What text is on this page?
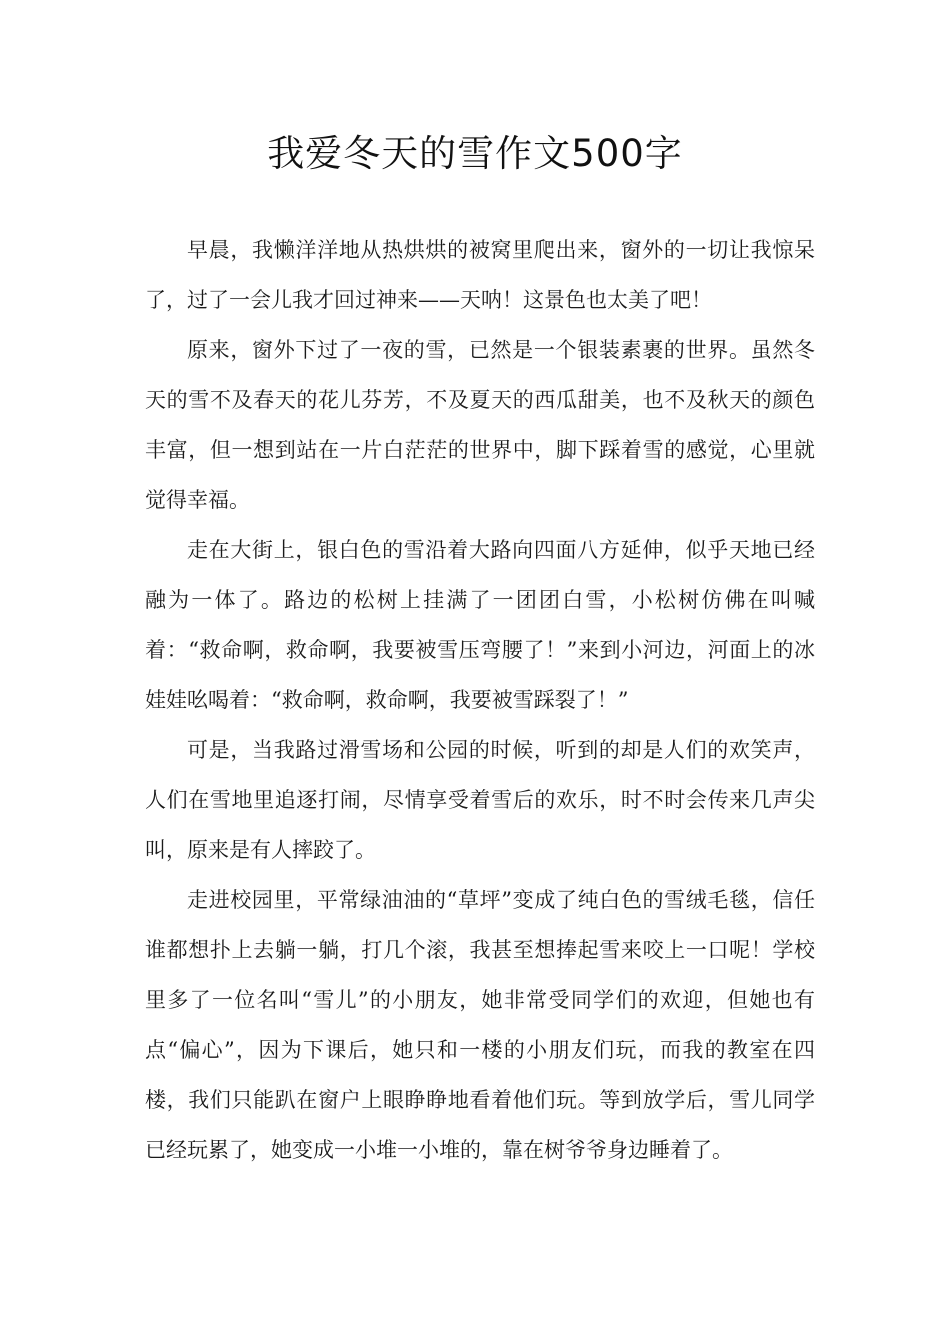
我爱冬天的雪作文500字

早晨，我懒洋洋地从热烘烘的被窝里爬出来，窗外的一切让我惊呆了，过了一会儿我才回过神来——天呐！这景色也太美了吧！

原来，窗外下过了一夜的雪，已然是一个银装素裹的世界。虽然冬天的雪不及春天的花儿芬芳，不及夏天的西瓜甜美，也不及秋天的颜色丰富，但一想到站在一片白茫茫的世界中，脚下踩着雪的感觉，心里就觉得幸福。

走在大街上，银白色的雪沿着大路向四面八方延伸，似乎天地已经融为一体了。路边的松树上挂满了一团团白雪，小松树仿佛在叫喊着：“救命啊，救命啊，我要被雪压弯腰了！”来到小河边，河面上的冰娃娃吆喝着：“救命啊，救命啊，我要被雪踩裂了！”

可是，当我路过滑雪场和公园的时候，听到的却是人们的欢笑声，人们在雪地里追逐打闹，尽情享受着雪后的欢乐，时不时会传来几声尖叫，原来是有人摔跤了。

走进校园里，平常绿油油的“草坪”变成了纯白色的雪绒毛毯，信任谁都想扑上去躺一躺，打几个滚，我甚至想捧起雪来咬上一口呢！学校里多了一位名叫“雪儿”的小朋友，她非常受同学们的欢迎，但她也有点“偏心”，因为下课后，她只和一楼的小朋友们玩，而我的教室在四楼，我们只能趴在窗户上眼睁睁地看着他们玩。等到放学后，雪儿同学已经玩累了，她变成一小堆一小堆的，靠在树爷爷身边睡着了。
